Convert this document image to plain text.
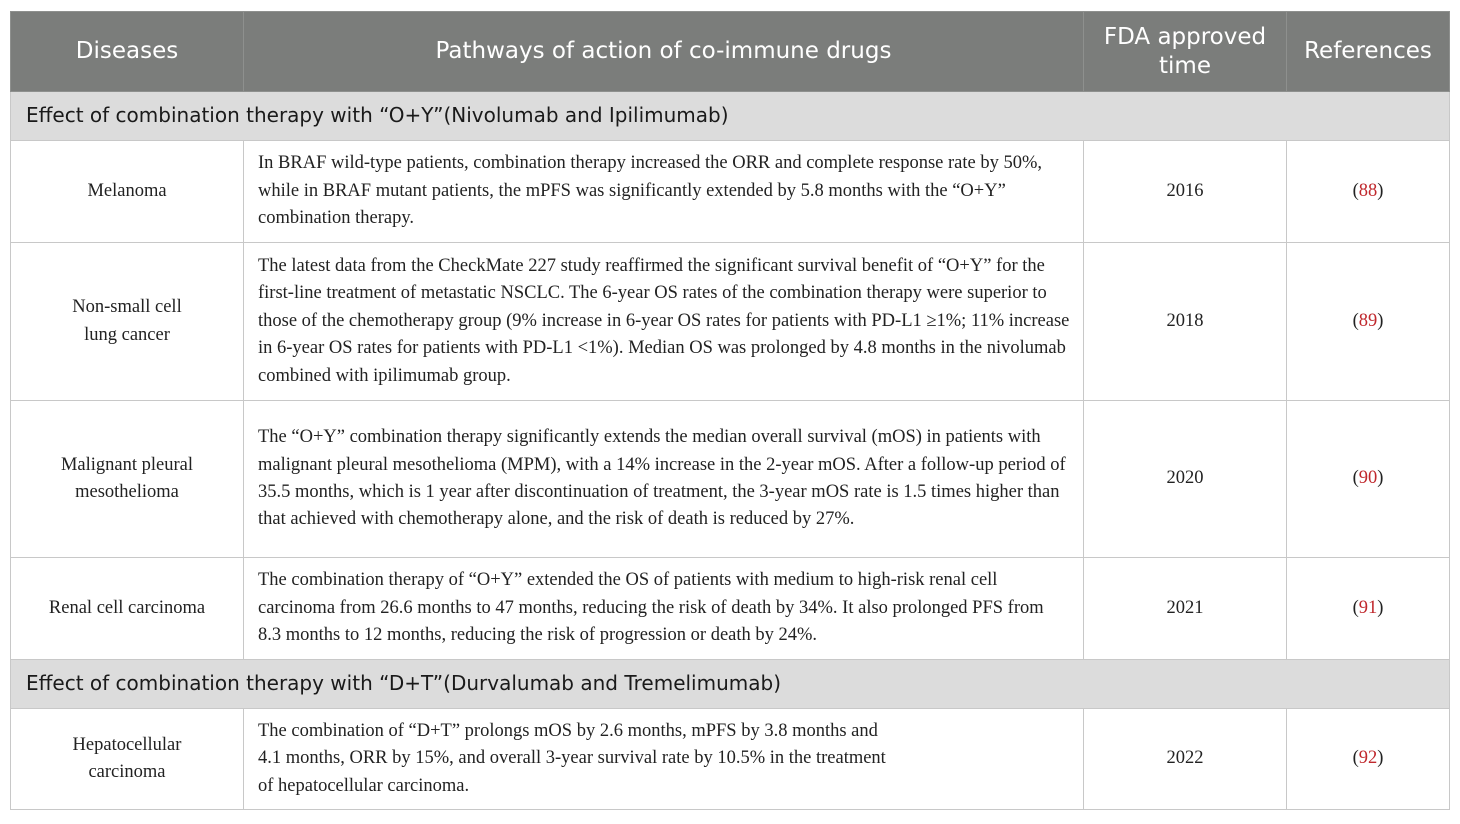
Diseases	Pathways of action of co-immune drugs	FDA approved time	References
Effect of combination therapy with “O+Y”(Nivolumab and Ipilimumab)			
Melanoma	In BRAF wild-type patients, combination therapy increased the ORR and complete response rate by 50%, while in BRAF mutant patients, the mPFS was significantly extended by 5.8 months with the “O+Y” combination therapy.	2016	(88)

Non-small cell lung cancer	The latest data from the CheckMate 227 study reaffirmed the significant survival benefit of “O+Y” for the first-line treatment of metastatic NSCLC. The 6-year OS rates of the combination therapy were superior to those of the chemotherapy group (9% increase in 6-year OS rates for patients with PD-L1 ≥1%; 11% increase in 6-year OS rates for patients with PD-L1 <1%). Median OS was prolonged by 4.8 months in the nivolumab combined with ipilimumab group.	2018	(89)

Malignant pleural mesothelioma	The “O+Y” combination therapy significantly extends the median overall survival (mOS) in patients with malignant pleural mesothelioma (MPM), with a 14% increase in the 2-year mOS. After a follow-up period of 35.5 months, which is 1 year after discontinuation of treatment, the 3-year mOS rate is 1.5 times higher than that achieved with chemotherapy alone, and the risk of death is reduced by 27%.	2020	(90)
Renal cell carcinoma	The combination therapy of “O+Y” extended the OS of patients with medium to high-risk renal cell carcinoma from 26.6 months to 47 months, reducing the risk of death by 34%. It also prolonged PFS from 8.3 months to 12 months, reducing the risk of progression or death by 24%.	2021	(91)
Effect of combination therapy with “D+T”(Durvalumab and Tremelimumab)			

Hepatocellular carcinoma	The combination of “D+T” prolongs mOS by 2.6 months, mPFS by 3.8 months and 4.1 months, ORR by 15%, and overall 3-year survival rate by 10.5% in the treatment of hepatocellular carcinoma.	2022	(92)
